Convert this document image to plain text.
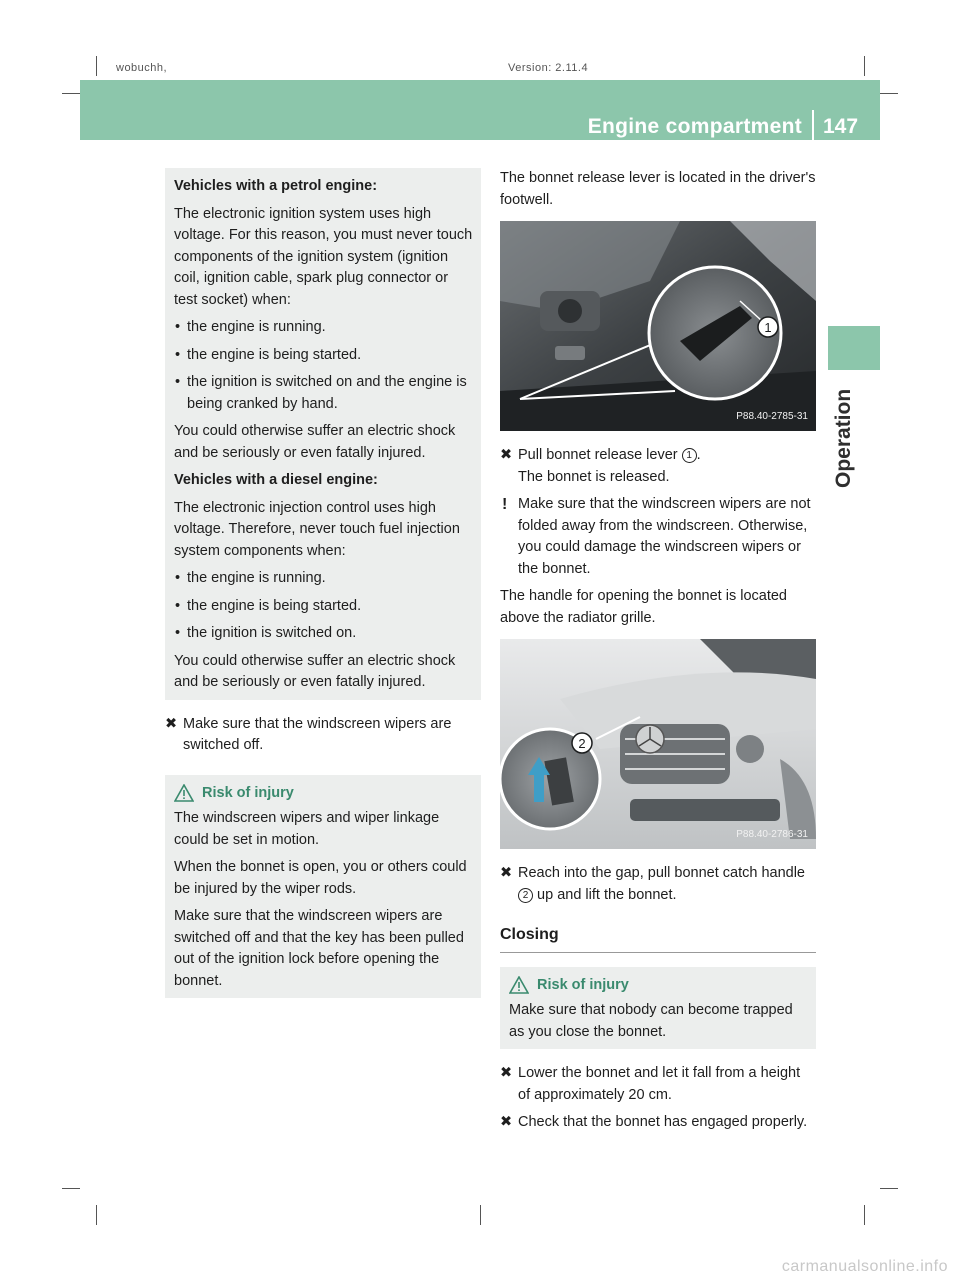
wobuchh,	Version: 2.11.4
Engine compartment 147
Operation

Vehicles with a petrol engine:

The electronic ignition system uses high voltage. For this reason, you must never touch components of the ignition system (ignition coil, ignition cable, spark plug connector or test socket) when:

• the engine is running.
• the engine is being started.
• the ignition is switched on and the engine is being cranked by hand.

You could otherwise suffer an electric shock and be seriously or even fatally injured.

Vehicles with a diesel engine:

The electronic injection control uses high voltage. Therefore, never touch fuel injection system components when:

• the engine is running.
• the engine is being started.
• the ignition is switched on.

You could otherwise suffer an electric shock and be seriously or even fatally injured.

✖ Make sure that the windscreen wipers are switched off.
Risk of injury

The windscreen wipers and wiper linkage could be set in motion.

When the bonnet is open, you or others could be injured by the wiper rods.

Make sure that the windscreen wipers are switched off and that the key has been pulled out of the ignition lock before opening the bonnet.

The bonnet release lever is located in the driver's footwell.

1
P88.40-2785-31
✖ Pull bonnet release lever 1 .
The bonnet is released.
! Make sure that the windscreen wipers are not folded away from the windscreen. Otherwise, you could damage the windscreen wipers or the bonnet.

The handle for opening the bonnet is located above the radiator grille.

2
P88.40-2786-31
✖ Reach into the gap, pull bonnet catch handle 2 up and lift the bonnet.
Closing
Risk of injury

Make sure that nobody can become trapped as you close the bonnet.

✖ Lower the bonnet and let it fall from a height of approximately 20 cm.
✖ Check that the bonnet has engaged properly.
carmanualsonline.info
